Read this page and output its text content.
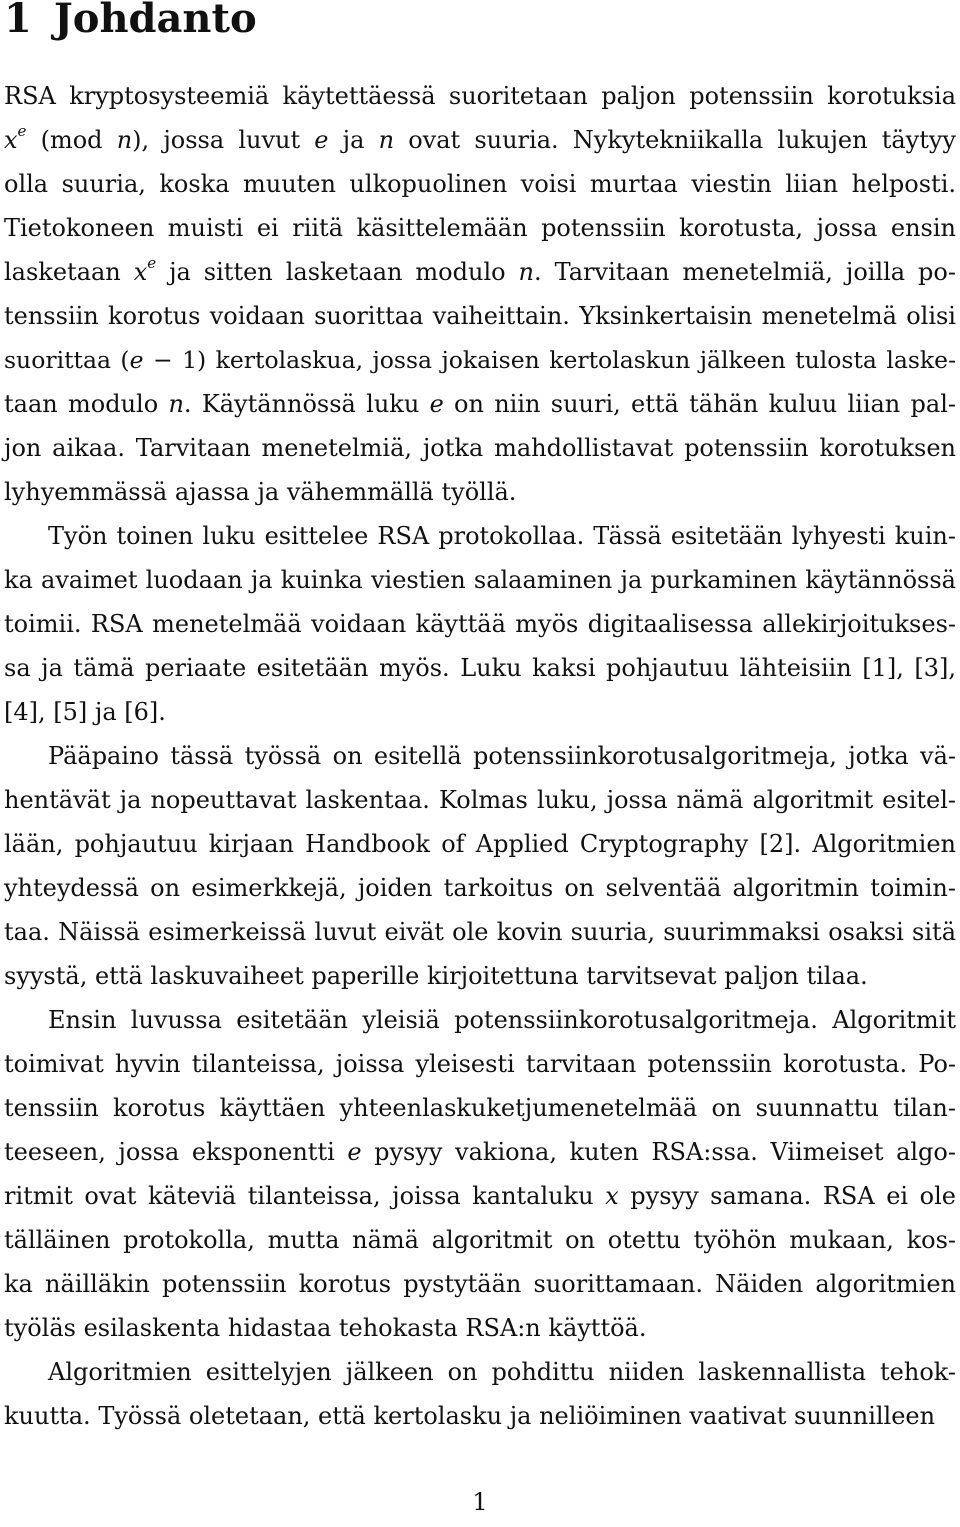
1 Johdanto
RSA kryptosysteemiä käytettäessä suoritetaan paljon potenssiin korotuksia
$x^e$ (mod n), jossa luvut e ja n ovat suuria. Nykytekniikalla lukujen täytyy
olla suuria, koska muuten ulkopuolinen voisi murtaa viestin liian helposti.
Tietokoneen muisti ei riitä käsittelemään potenssiin korotusta, jossa ensin
lasketaan $x^e$ ja sitten lasketaan modulo n. Tarvitaan menetelmiä, joilla po-
tenssiin korotus voidaan suorittaa vaiheittain. Yksinkertaisin menetelmä olisi
suorittaa (e − 1) kertolaskua, jossa jokaisen kertolaskun jälkeen tulosta laske-
taan modulo n. Käytännössä luku e on niin suuri, että tähän kuluu liian pal-
jon aikaa. Tarvitaan menetelmiä, jotka mahdollistavat potenssiin korotuksen
lyhyemmässä ajassa ja vähemmällä työllä.
Työn toinen luku esittelee RSA protokollaa. Tässä esitetään lyhyesti kuin-
ka avaimet luodaan ja kuinka viestien salaaminen ja purkaminen käytännössä
toimii. RSA menetelmää voidaan käyttää myös digitaalisessa allekirjoitukses-
sa ja tämä periaate esitetään myös. Luku kaksi pohjautuu lähteisiin [1], [3],
[4], [5] ja [6].
Pääpaino tässä työssä on esitellä potenssiinkorotusalgoritmeja, jotka vä-
hentävät ja nopeuttavat laskentaa. Kolmas luku, jossa nämä algoritmit esitel-
lään, pohjautuu kirjaan Handbook of Applied Cryptography [2]. Algoritmien
yhteydessä on esimerkkejä, joiden tarkoitus on selventää algoritmin toimin-
taa. Näissä esimerkeissä luvut eivät ole kovin suuria, suurimmaksi osaksi sitä
syystä, että laskuvaiheet paperille kirjoitettuna tarvitsevat paljon tilaa.
Ensin luvussa esitetään yleisiä potenssiinkorotusalgoritmeja. Algoritmit
toimivat hyvin tilanteissa, joissa yleisesti tarvitaan potenssiin korotusta. Po-
tenssiin korotus käyttäen yhteenlaskuketjumenetelmää on suunnattu tilan-
teeseen, jossa eksponentti e pysyy vakiona, kuten RSA:ssa. Viimeiset algo-
ritmit ovat käteviä tilanteissa, joissa kantaluku x pysyy samana. RSA ei ole
tälläinen protokolla, mutta nämä algoritmit on otettu työhön mukaan, kos-
ka näilläkin potenssiin korotus pystytään suorittamaan. Näiden algoritmien
työläs esilaskenta hidastaa tehokasta RSA:n käyttöä.
Algoritmien esittelyjen jälkeen on pohdittu niiden laskennallista tehok-
kuutta. Työssä oletetaan, että kertolasku ja neliöiminen vaativat suunnilleen
1
